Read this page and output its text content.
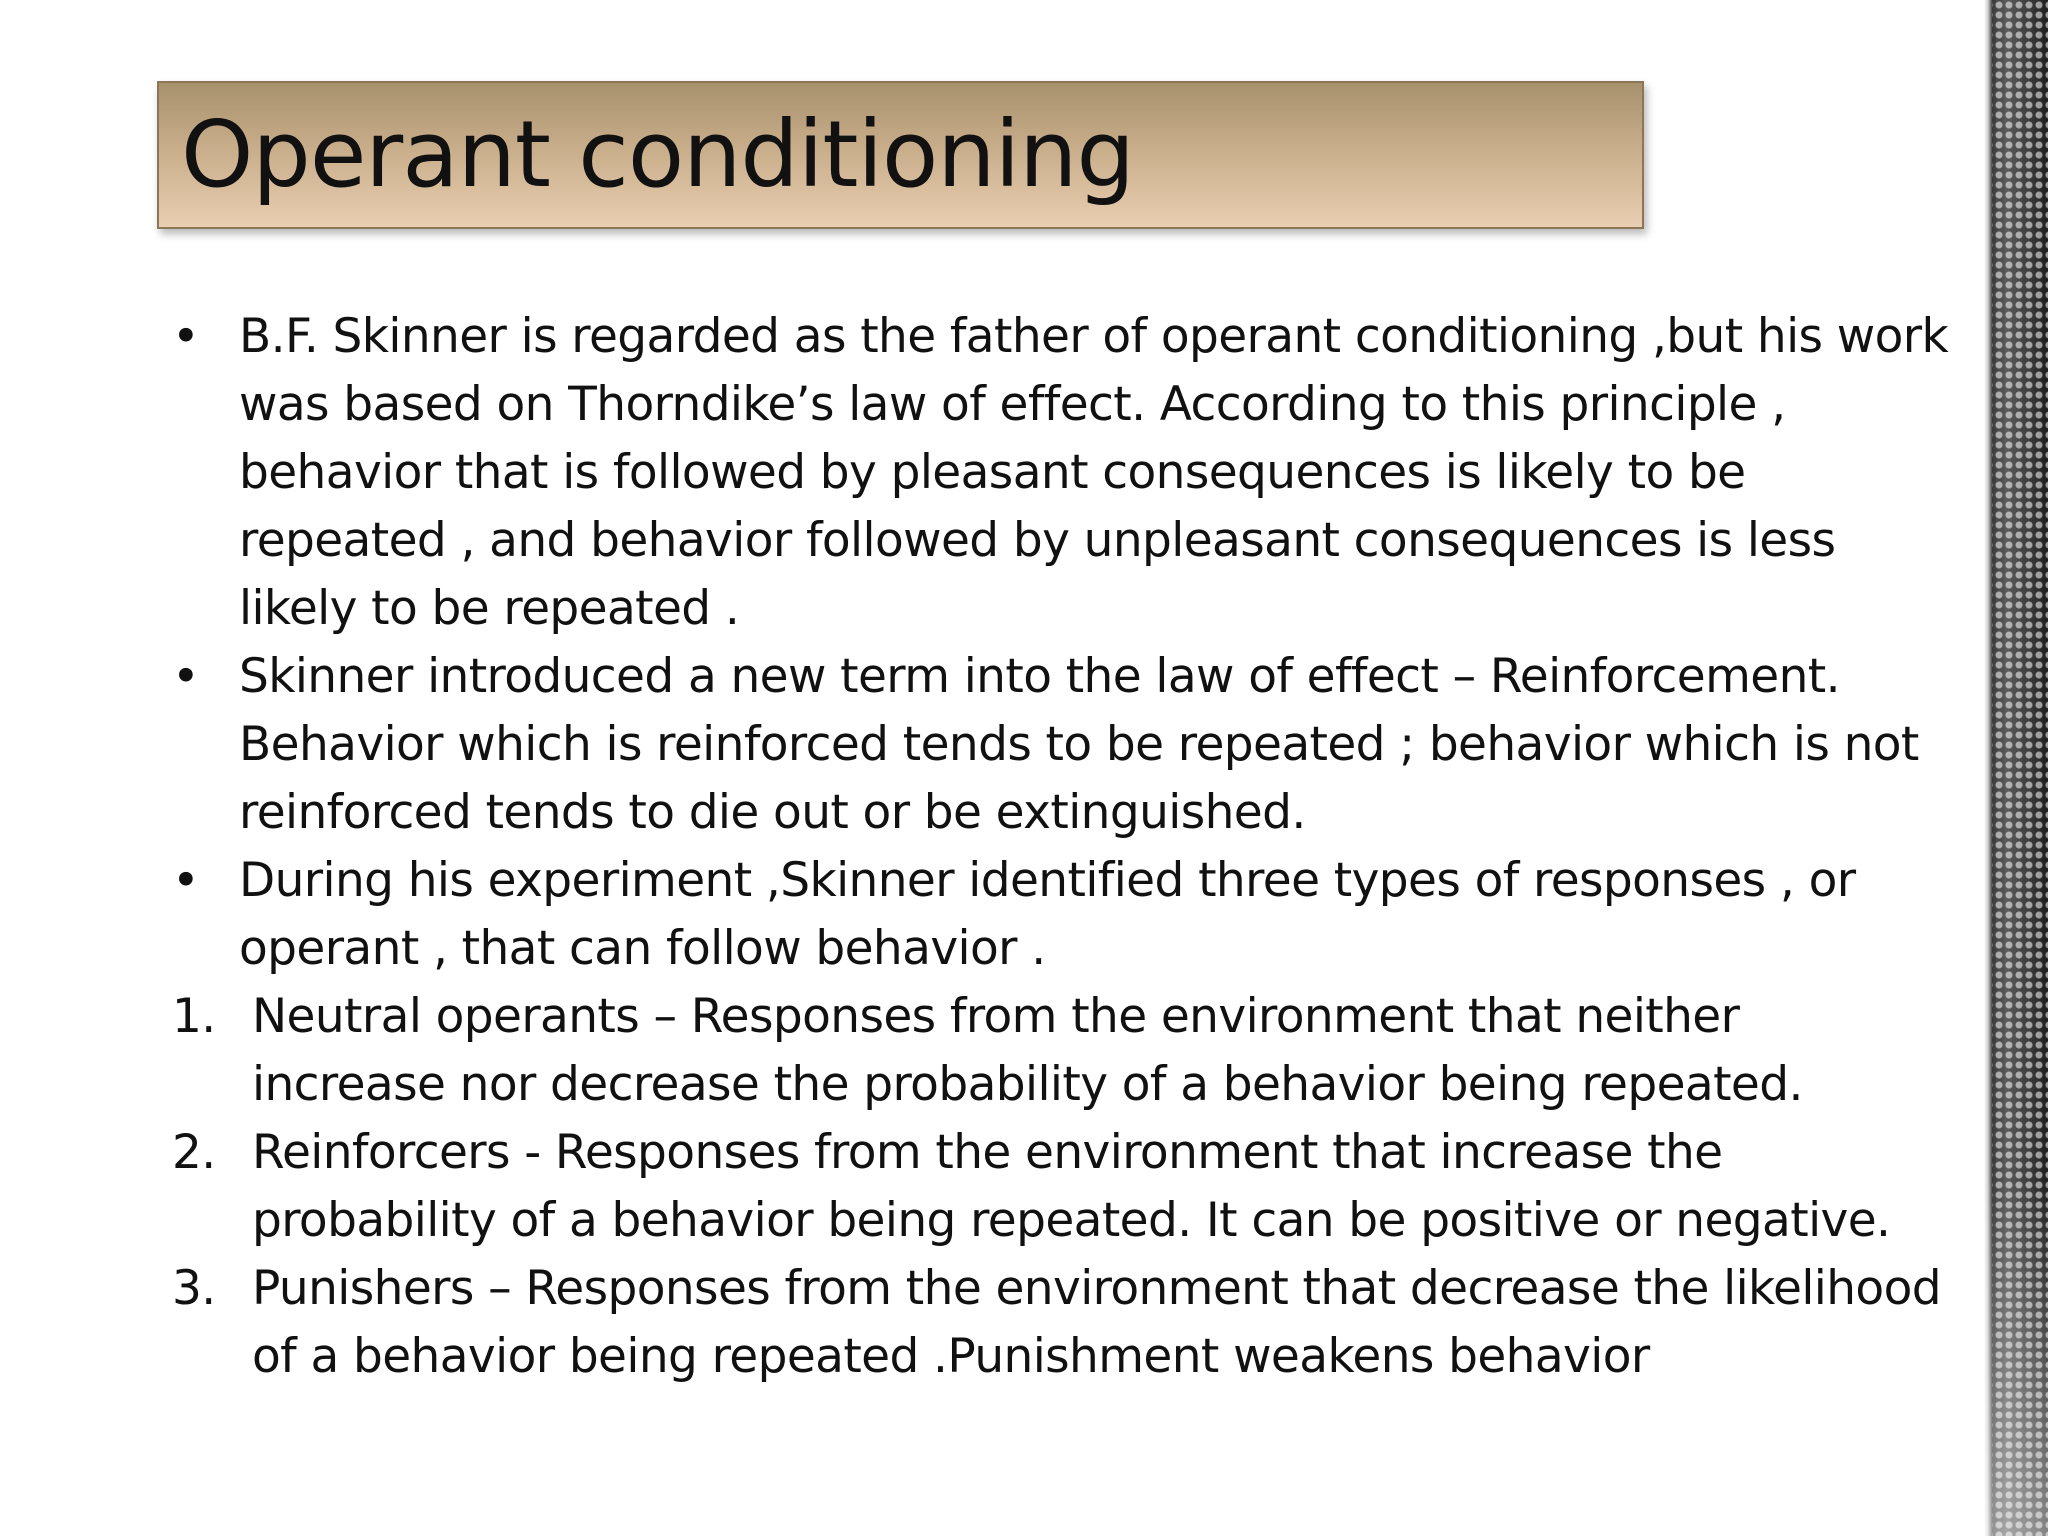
Operant conditioning
• B.F. Skinner is regarded as the father of operant conditioning ,but his work
was based on Thorndike’s law of effect. According to this principle ,
behavior that is followed by pleasant consequences is likely to be
repeated , and behavior followed by unpleasant consequences is less
likely to be repeated .
• Skinner introduced a new term into the law of effect – Reinforcement.
Behavior which is reinforced tends to be repeated ; behavior which is not
reinforced tends to die out or be extinguished.
• During his experiment ,Skinner identified three types of responses , or
operant , that can follow behavior .
1. Neutral operants – Responses from the environment that neither
increase nor decrease the probability of a behavior being repeated.
2. Reinforcers - Responses from the environment that increase the
probability of a behavior being repeated. It can be positive or negative.
3. Punishers – Responses from the environment that decrease the likelihood
of a behavior being repeated .Punishment weakens behavior
